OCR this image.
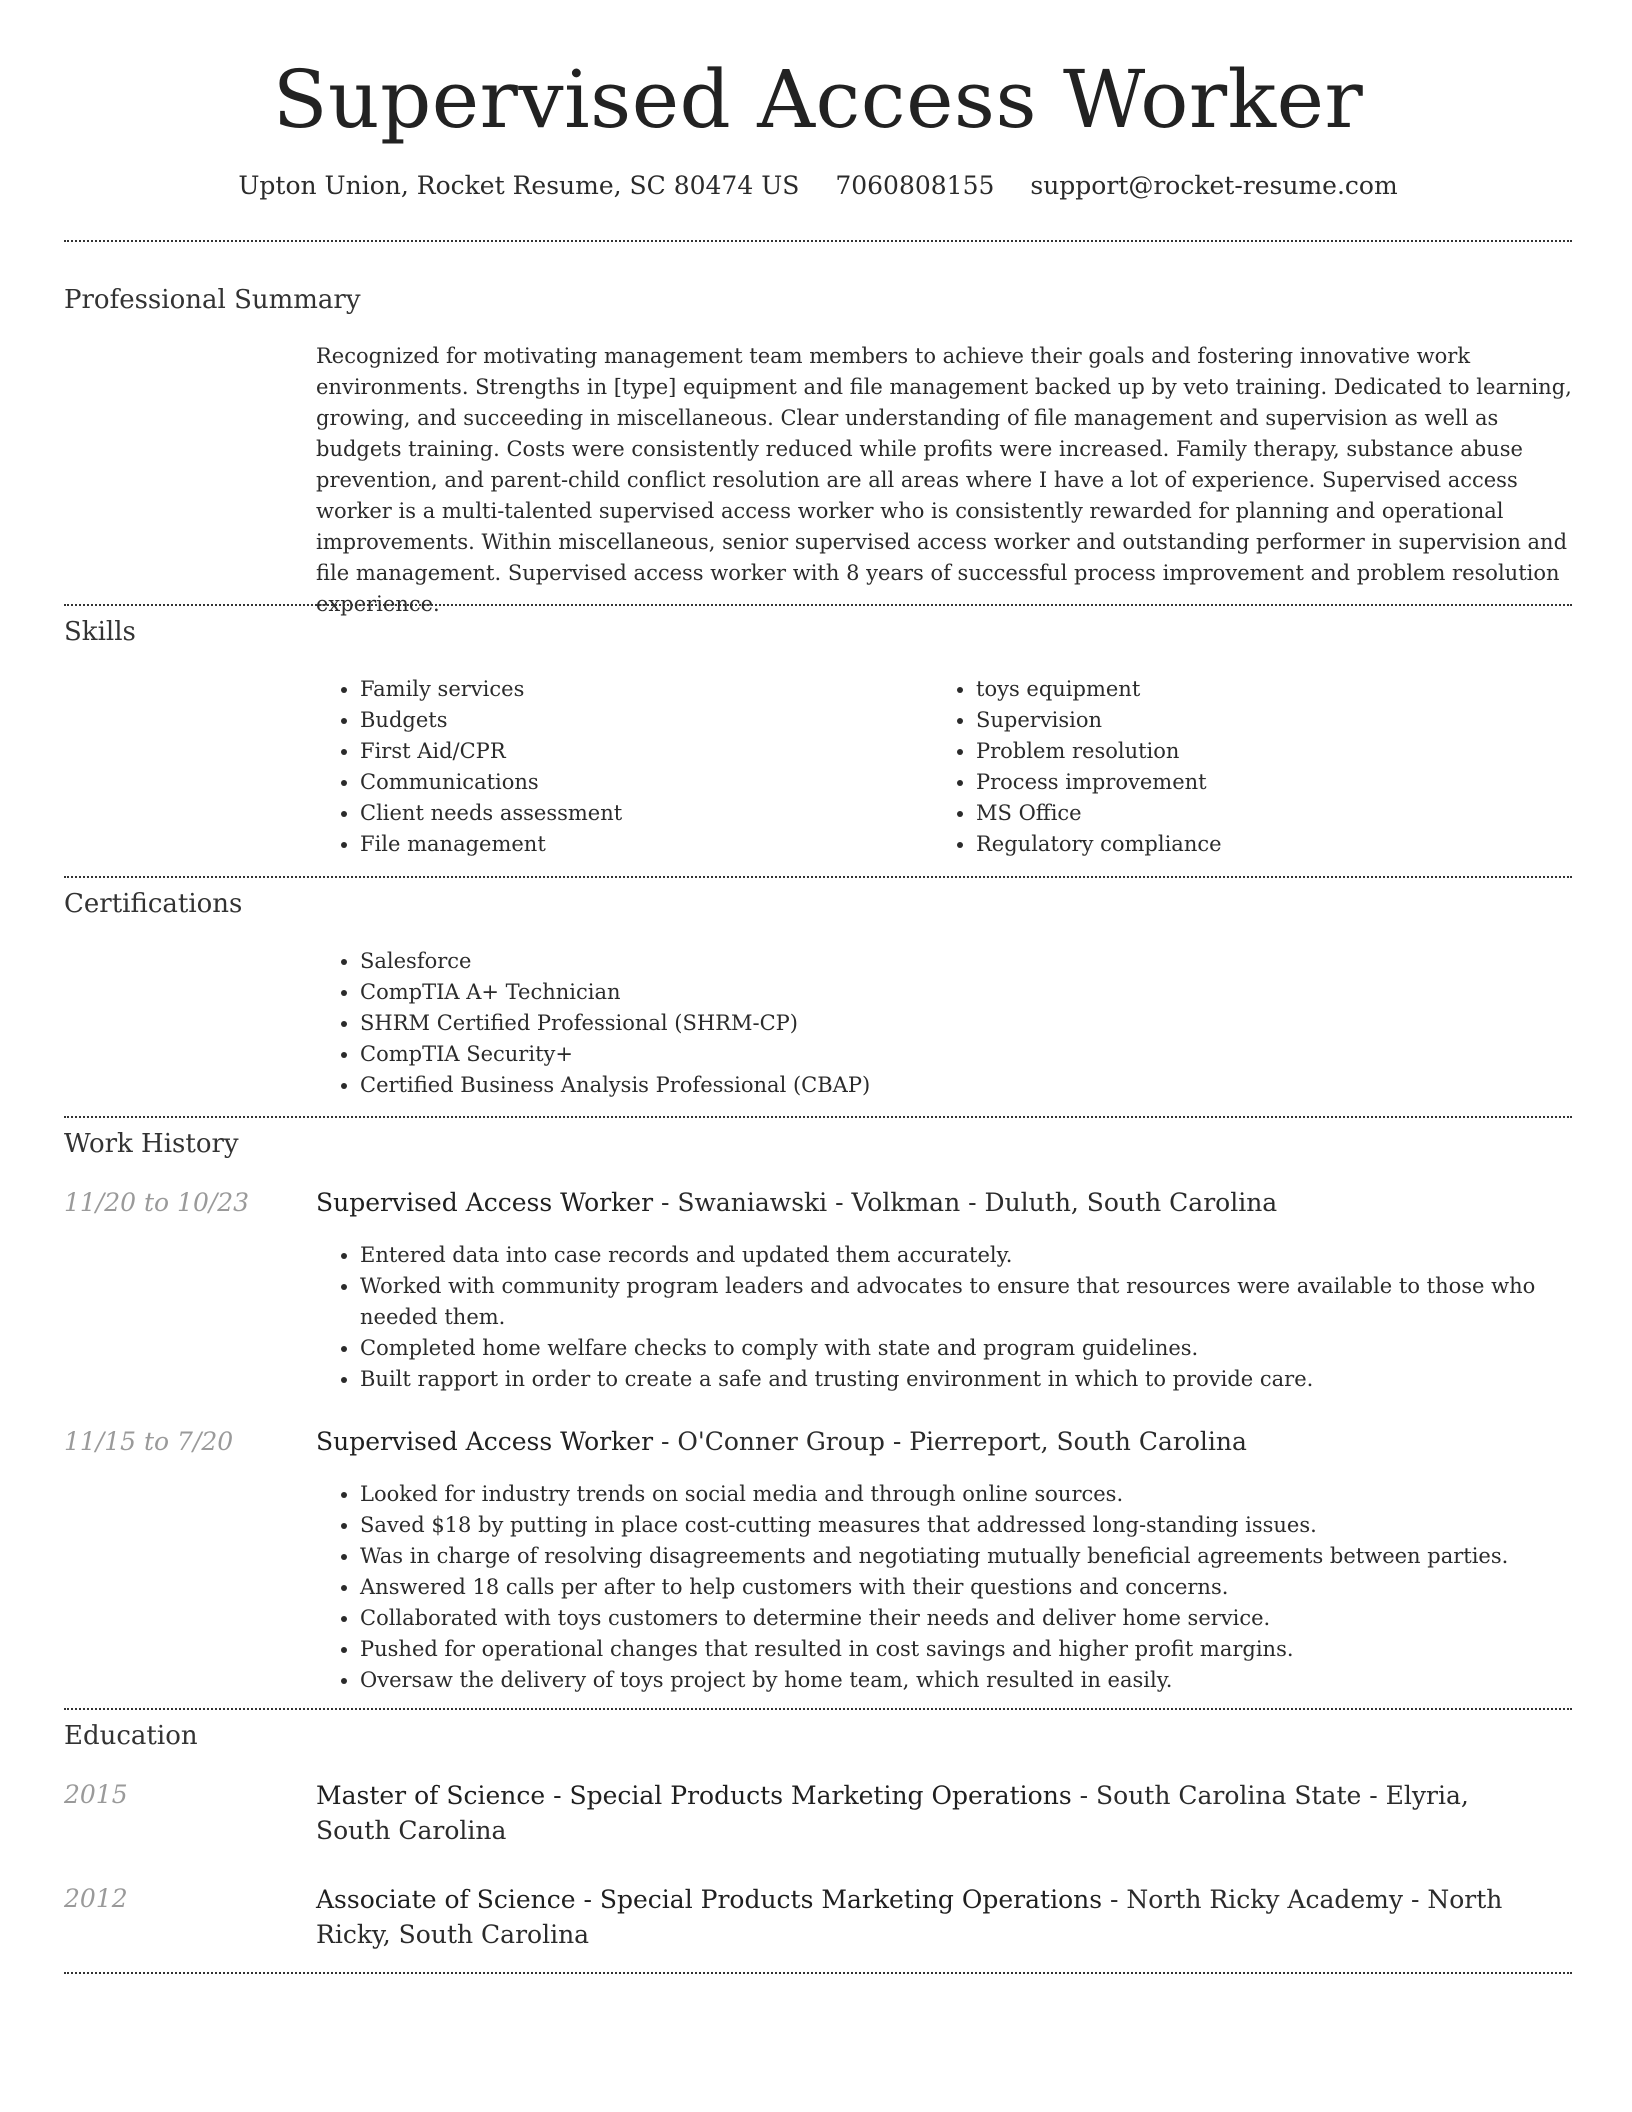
Supervised Access Worker
Upton Union, Rocket Resume, SC 80474 US 7060808155 support@rocket-resume.com
Professional Summary
Recognized for motivating management team members to achieve their goals and fostering innovative work environments. Strengths in [type] equipment and file management backed up by veto training. Dedicated to learning, growing, and succeeding in miscellaneous. Clear understanding of file management and supervision as well as budgets training. Costs were consistently reduced while profits were increased. Family therapy, substance abuse prevention, and parent-child conflict resolution are all areas where I have a lot of experience. Supervised access worker is a multi-talented supervised access worker who is consistently rewarded for planning and operational improvements. Within miscellaneous, senior supervised access worker and outstanding performer in supervision and file management. Supervised access worker with 8 years of successful process improvement and problem resolution experience.
Skills
• Family services
• Budgets
• First Aid/CPR
• Communications
• Client needs assessment
• File management
• toys equipment
• Supervision
• Problem resolution
• Process improvement
• MS Office
• Regulatory compliance
Certifications
• Salesforce
• CompTIA A+ Technician
• SHRM Certified Professional (SHRM-CP)
• CompTIA Security+
• Certified Business Analysis Professional (CBAP)
Work History
11/20 to 10/23	Supervised Access Worker - Swaniawski - Volkman - Duluth, South Carolina
• Entered data into case records and updated them accurately.
• Worked with community program leaders and advocates to ensure that resources were available to those who needed them.
• Completed home welfare checks to comply with state and program guidelines.
• Built rapport in order to create a safe and trusting environment in which to provide care.
11/15 to 7/20	Supervised Access Worker - O'Conner Group - Pierreport, South Carolina
• Looked for industry trends on social media and through online sources.
• Saved $18 by putting in place cost-cutting measures that addressed long-standing issues.
• Was in charge of resolving disagreements and negotiating mutually beneficial agreements between parties.
• Answered 18 calls per after to help customers with their questions and concerns.
• Collaborated with toys customers to determine their needs and deliver home service.
• Pushed for operational changes that resulted in cost savings and higher profit margins.
• Oversaw the delivery of toys project by home team, which resulted in easily.
Education
2015	Master of Science - Special Products Marketing Operations - South Carolina State - Elyria, South Carolina
2012	Associate of Science - Special Products Marketing Operations - North Ricky Academy - North Ricky, South Carolina
